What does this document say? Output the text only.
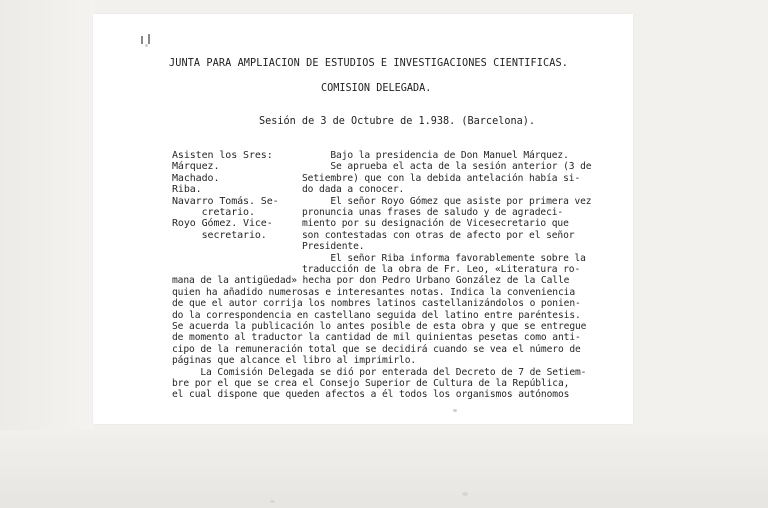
JUNTA PARA AMPLIACION DE ESTUDIOS E INVESTIGACIONES CIENTIFICAS.
COMISION DELEGADA.
Sesión de 3 de Octubre de 1.938. (Barcelona).
Asisten los Sres:
Márquez.
Machado.
Riba.
Navarro Tomás. Se-
cretario.
Royo Gómez. Vice-
secretario.
Bajo la presidencia de Don Manuel Márquez.
Se aprueba el acta de la sesión anterior (3 de
Setiembre) que con la debida antelación había si-
do dada a conocer.
El señor Royo Gómez que asiste por primera vez
pronuncia unas frases de saludo y de agradeci-
miento por su designación de Vicesecretario que
son contestadas con otras de afecto por el señor
Presidente.
El señor Riba informa favorablemente sobre la
traducción de la obra de Fr. Leo, «Literatura ro-
mana de la antigüedad» hecha por don Pedro Urbano González de la Calle
quien ha añadido numerosas e interesantes notas. Indica la conveniencia
de que el autor corrija los nombres latinos castellanizándolos o ponien-
do la correspondencia en castellano seguida del latino entre paréntesis.
Se acuerda la publicación lo antes posible de esta obra y que se entregue
de momento al traductor la cantidad de mil quinientas pesetas como anti-
cipo de la remuneración total que se decidirá cuando se vea el número de
páginas que alcance el libro al imprimirlo.
La Comisión Delegada se dió por enterada del Decreto de 7 de Setiem-
bre por el que se crea el Consejo Superior de Cultura de la República,
el cual dispone que queden afectos a él todos los organismos autónomos
